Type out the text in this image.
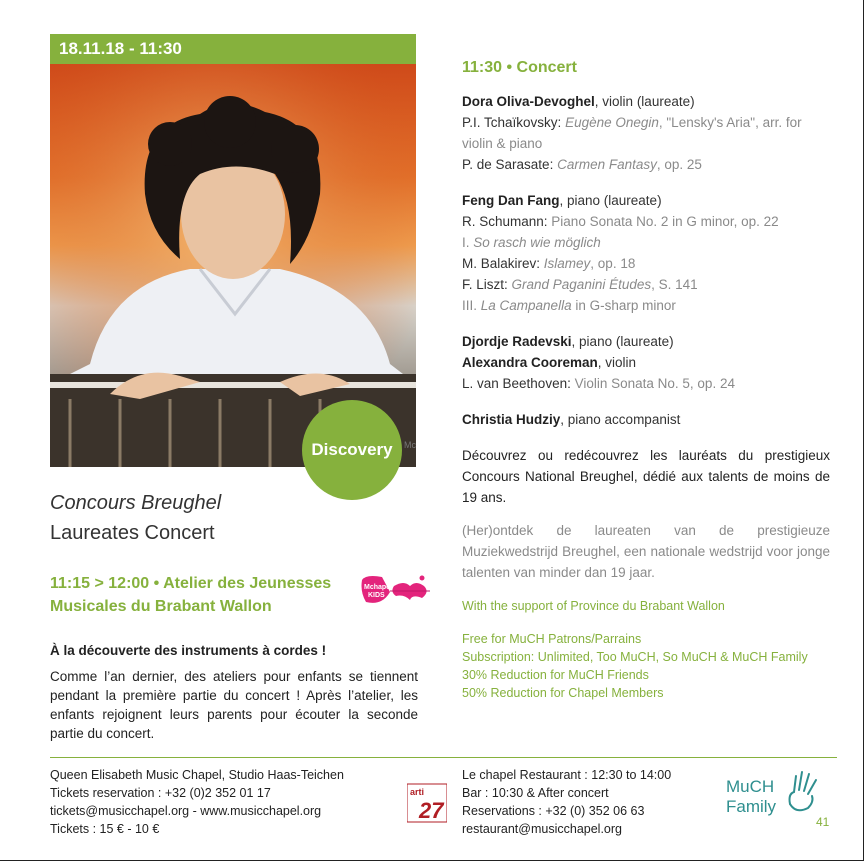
18.11.18 - 11:30
Discovery	Mc
Concours Breughel
Laureates Concert
11:15 > 12:00 • Atelier des Jeunesses Musicales du Brabant Wallon
Mchapel
KIDS
À la découverte des instruments à cordes !
Comme l’an dernier, des ateliers pour enfants se tiennent pendant la première partie du concert ! Après l’atelier, les enfants rejoignent leurs parents pour écouter la seconde partie du concert.
11:30 • Concert
Dora Oliva-Devoghel, violin (laureate)
P.I. Tchaïkovsky: Eugène Onegin, "Lensky's Aria", arr. for violin & piano
P. de Sarasate: Carmen Fantasy, op. 25
Feng Dan Fang, piano (laureate)
R. Schumann: Piano Sonata No. 2 in G minor, op. 22
I. So rasch wie möglich
M. Balakirev: Islamey, op. 18
F. Liszt: Grand Paganini Études, S. 141
III. La Campanella in G-sharp minor
Djordje Radevski, piano (laureate)
Alexandra Cooreman, violin
L. van Beethoven: Violin Sonata No. 5, op. 24
Christia Hudziy, piano accompanist
Découvrez ou redécouvrez les lauréats du prestigieux Concours National Breughel, dédié aux talents de moins de 19 ans.
(Her)ontdek de laureaten van de prestigieuze Muziekwedstrijd Breughel, een nationale wedstrijd voor jonge talenten van minder dan 19 jaar.
With the support of Province du Brabant Wallon
Free for MuCH Patrons/Parrains
Subscription: Unlimited, Too MuCH, So MuCH & MuCH Family
30% Reduction for MuCH Friends
50% Reduction for Chapel Members
Queen Elisabeth Music Chapel, Studio Haas-Teichen
Tickets reservation : +32 (0)2 352 01 17
tickets@musicchapel.org - www.musicchapel.org
Tickets : 15 € - 10 €
arti
27
Le chapel Restaurant : 12:30 to 14:00
Bar : 10:30 & After concert
Reservations : +32 (0) 352 06 63
restaurant@musicchapel.org
MuCH
Family
41
